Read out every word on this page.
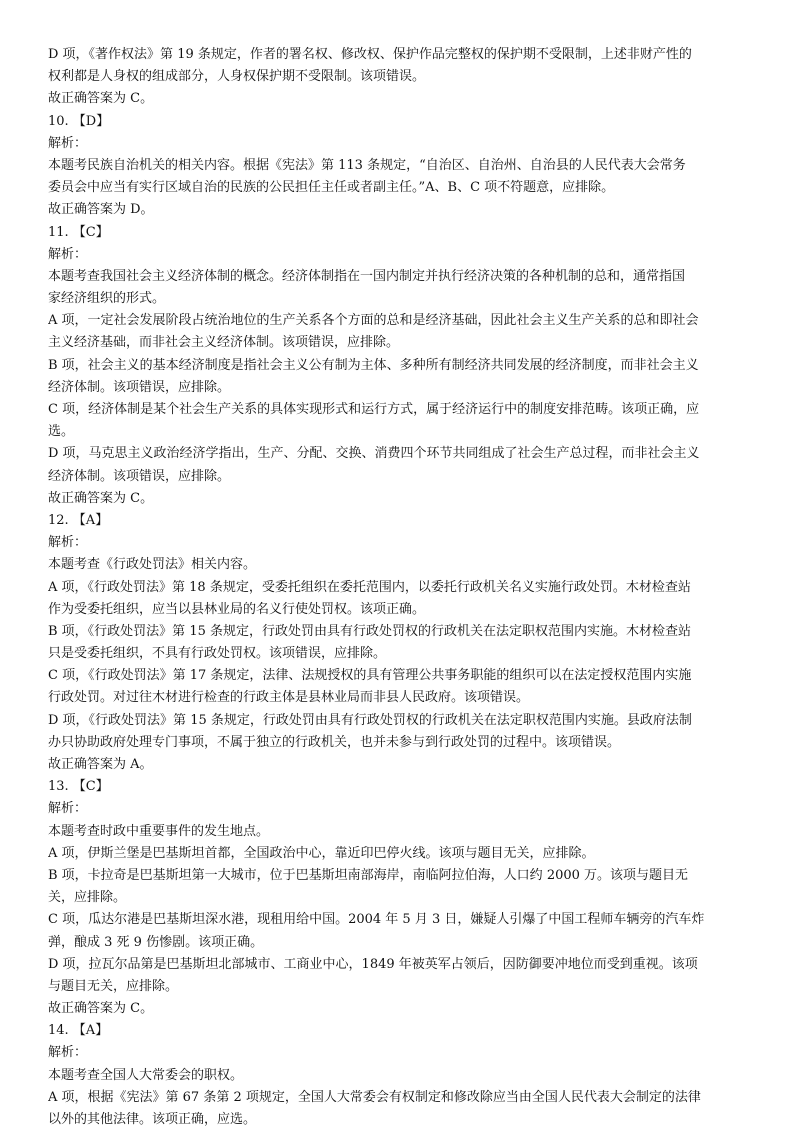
D 项，《著作权法》第 19 条规定，作者的署名权、修改权、保护作品完整权的保护期不受限制，上述非财产性的
权利都是人身权的组成部分，人身权保护期不受限制。该项错误。
故正确答案为 C。
10. 【D】
解析：
本题考民族自治机关的相关内容。根据《宪法》第 113 条规定，“自治区、自治州、自治县的人民代表大会常务
委员会中应当有实行区域自治的民族的公民担任主任或者副主任。”A、B、C 项不符题意，应排除。
故正确答案为 D。
11. 【C】
解析：
本题考查我国社会主义经济体制的概念。经济体制指在一国内制定并执行经济决策的各种机制的总和，通常指国
家经济组织的形式。
A 项，一定社会发展阶段占统治地位的生产关系各个方面的总和是经济基础，因此社会主义生产关系的总和即社会
主义经济基础，而非社会主义经济体制。该项错误，应排除。
B 项，社会主义的基本经济制度是指社会主义公有制为主体、多种所有制经济共同发展的经济制度，而非社会主义
经济体制。该项错误，应排除。
C 项，经济体制是某个社会生产关系的具体实现形式和运行方式，属于经济运行中的制度安排范畴。该项正确，应
选。
D 项，马克思主义政治经济学指出，生产、分配、交换、消费四个环节共同组成了社会生产总过程，而非社会主义
经济体制。该项错误，应排除。
故正确答案为 C。
12. 【A】
解析：
本题考查《行政处罚法》相关内容。
A 项，《行政处罚法》第 18 条规定，受委托组织在委托范围内，以委托行政机关名义实施行政处罚。木材检查站
作为受委托组织，应当以县林业局的名义行使处罚权。该项正确。
B 项，《行政处罚法》第 15 条规定，行政处罚由具有行政处罚权的行政机关在法定职权范围内实施。木材检查站
只是受委托组织，不具有行政处罚权。该项错误，应排除。
C 项，《行政处罚法》第 17 条规定，法律、法规授权的具有管理公共事务职能的组织可以在法定授权范围内实施
行政处罚。对过往木材进行检查的行政主体是县林业局而非县人民政府。该项错误。
D 项，《行政处罚法》第 15 条规定，行政处罚由具有行政处罚权的行政机关在法定职权范围内实施。县政府法制
办只协助政府处理专门事项，不属于独立的行政机关，也并未参与到行政处罚的过程中。该项错误。
故正确答案为 A。
13. 【C】
解析：
本题考查时政中重要事件的发生地点。
A 项，伊斯兰堡是巴基斯坦首都，全国政治中心，靠近印巴停火线。该项与题目无关，应排除。
B 项，卡拉奇是巴基斯坦第一大城市，位于巴基斯坦南部海岸，南临阿拉伯海，人口约 2000 万。该项与题目无
关，应排除。
C 项，瓜达尔港是巴基斯坦深水港，现租用给中国。2004 年 5 月 3 日，嫌疑人引爆了中国工程师车辆旁的汽车炸
弹，酿成 3 死 9 伤惨剧。该项正确。
D 项，拉瓦尔品第是巴基斯坦北部城市、工商业中心，1849 年被英军占领后，因防御要冲地位而受到重视。该项
与题目无关，应排除。
故正确答案为 C。
14. 【A】
解析：
本题考查全国人大常委会的职权。
A 项，根据《宪法》第 67 条第 2 项规定，全国人大常委会有权制定和修改除应当由全国人民代表大会制定的法律
以外的其他法律。该项正确，应选。
